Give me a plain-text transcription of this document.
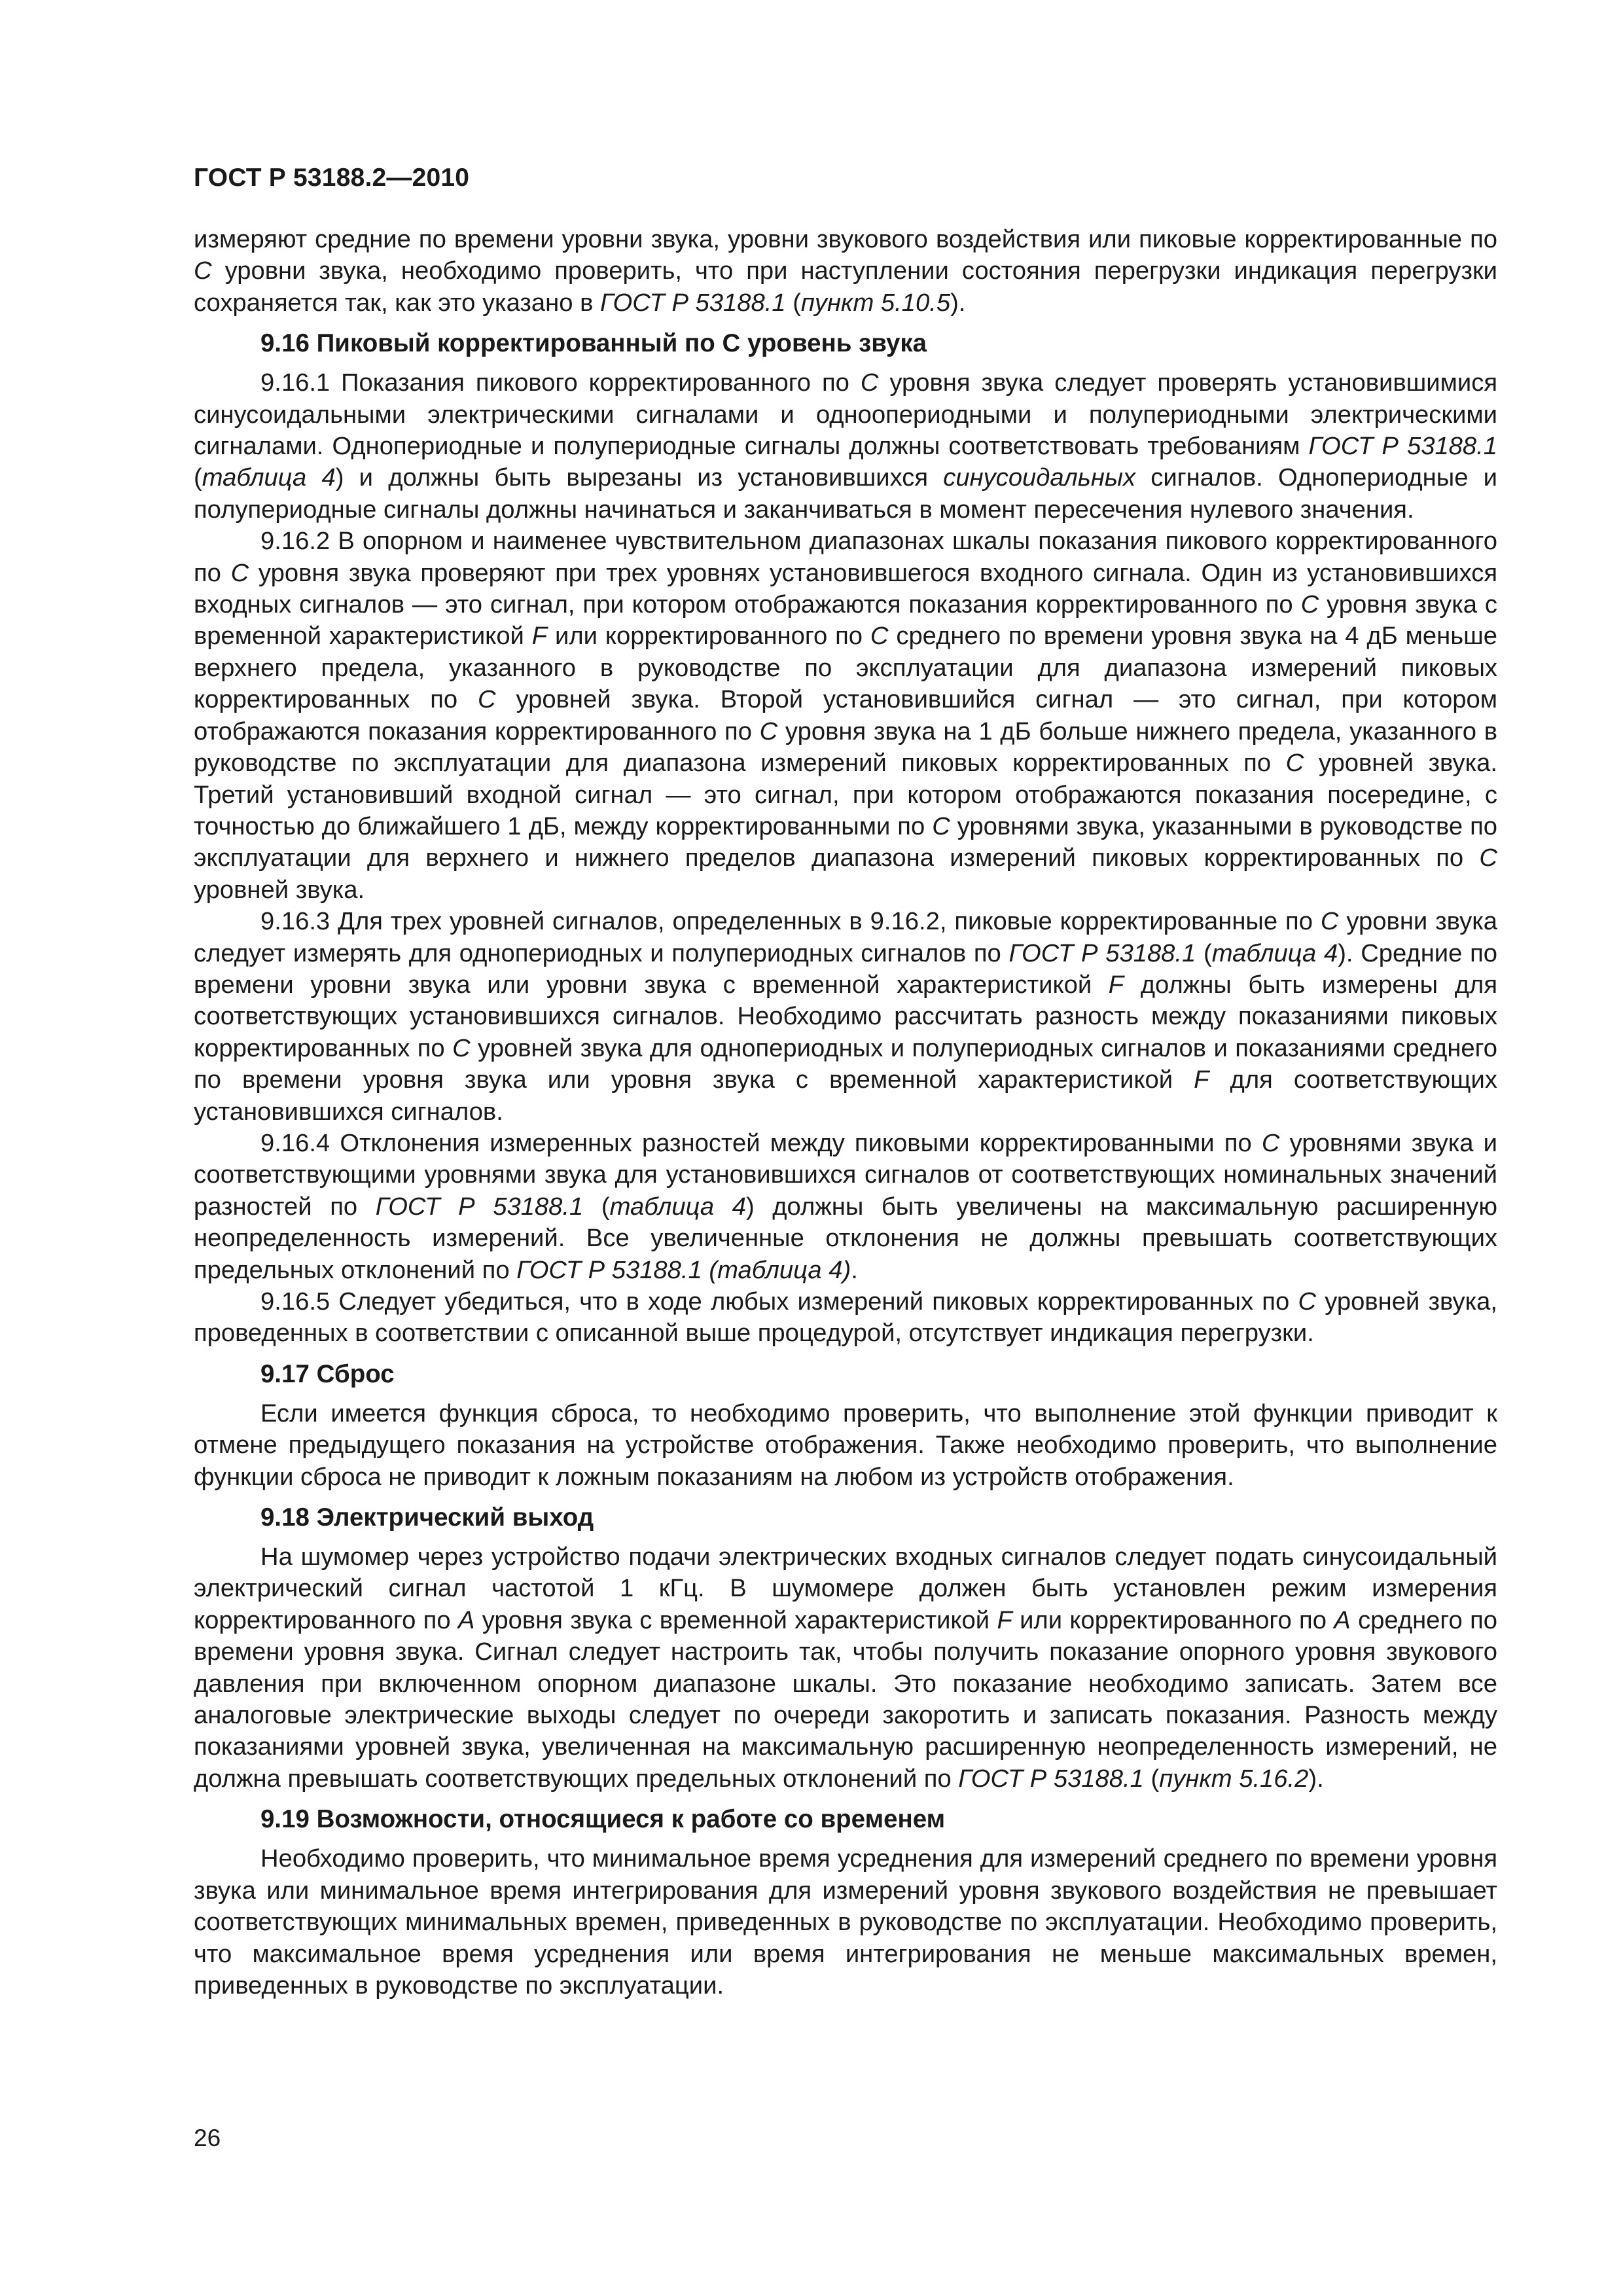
ГОСТ Р 53188.2—2010

измеряют средние по времени уровни звука, уровни звукового воздействия или пиковые корректированные по C уровни звука, необходимо проверить, что при наступлении состояния перегрузки индикация перегрузки сохраняется так, как это указано в ГОСТ Р 53188.1 (пункт 5.10.5).

9.16 Пиковый корректированный по С уровень звука

9.16.1 Показания пикового корректированного по C уровня звука следует проверять установившимися синусоидальными электрическими сигналами и одноопериодными и полупериодными электрическими сигналами. Однопериодные и полупериодные сигналы должны соответствовать требованиям ГОСТ Р 53188.1 (таблица 4) и должны быть вырезаны из установившихся синусоидальных сигналов. Однопериодные и полупериодные сигналы должны начинаться и заканчиваться в момент пересечения нулевого значения.

9.16.2 В опорном и наименее чувствительном диапазонах шкалы показания пикового корректированного по C уровня звука проверяют при трех уровнях установившегося входного сигнала. Один из установившихся входных сигналов — это сигнал, при котором отображаются показания корректированного по C уровня звука с временной характеристикой F или корректированного по C среднего по времени уровня звука на 4 дБ меньше верхнего предела, указанного в руководстве по эксплуатации для диапазона измерений пиковых корректированных по C уровней звука. Второй установившийся сигнал — это сигнал, при котором отображаются показания корректированного по C уровня звука на 1 дБ больше нижнего предела, указанного в руководстве по эксплуатации для диапазона измерений пиковых корректированных по C уровней звука. Третий установивший входной сигнал — это сигнал, при котором отображаются показания посередине, с точностью до ближайшего 1 дБ, между корректированными по C уровнями звука, указанными в руководстве по эксплуатации для верхнего и нижнего пределов диапазона измерений пиковых корректированных по C уровней звука.

9.16.3 Для трех уровней сигналов, определенных в 9.16.2, пиковые корректированные по C уровни звука следует измерять для однопериодных и полупериодных сигналов по ГОСТ Р 53188.1 (таблица 4). Средние по времени уровни звука или уровни звука с временной характеристикой F должны быть измерены для соответствующих установившихся сигналов. Необходимо рассчитать разность между показаниями пиковых корректированных по C уровней звука для однопериодных и полупериодных сигналов и показаниями среднего по времени уровня звука или уровня звука с временной характеристикой F для соответствующих установившихся сигналов.

9.16.4 Отклонения измеренных разностей между пиковыми корректированными по C уровнями звука и соответствующими уровнями звука для установившихся сигналов от соответствующих номинальных значений разностей по ГОСТ Р 53188.1 (таблица 4) должны быть увеличены на максимальную расширенную неопределенность измерений. Все увеличенные отклонения не должны превышать соответствующих предельных отклонений по ГОСТ Р 53188.1 (таблица 4).

9.16.5 Следует убедиться, что в ходе любых измерений пиковых корректированных по C уровней звука, проведенных в соответствии с описанной выше процедурой, отсутствует индикация перегрузки.

9.17 Сброс

Если имеется функция сброса, то необходимо проверить, что выполнение этой функции приводит к отмене предыдущего показания на устройстве отображения. Также необходимо проверить, что выполнение функции сброса не приводит к ложным показаниям на любом из устройств отображения.

9.18 Электрический выход

На шумомер через устройство подачи электрических входных сигналов следует подать синусоидальный электрический сигнал частотой 1 кГц. В шумомере должен быть установлен режим измерения корректированного по A уровня звука с временной характеристикой F или корректированного по A среднего по времени уровня звука. Сигнал следует настроить так, чтобы получить показание опорного уровня звукового давления при включенном опорном диапазоне шкалы. Это показание необходимо записать. Затем все аналоговые электрические выходы следует по очереди закоротить и записать показания. Разность между показаниями уровней звука, увеличенная на максимальную расширенную неопределенность измерений, не должна превышать соответствующих предельных отклонений по ГОСТ Р 53188.1 (пункт 5.16.2).

9.19 Возможности, относящиеся к работе со временем

Необходимо проверить, что минимальное время усреднения для измерений среднего по времени уровня звука или минимальное время интегрирования для измерений уровня звукового воздействия не превышает соответствующих минимальных времен, приведенных в руководстве по эксплуатации. Необходимо проверить, что максимальное время усреднения или время интегрирования не меньше максимальных времен, приведенных в руководстве по эксплуатации.

26
